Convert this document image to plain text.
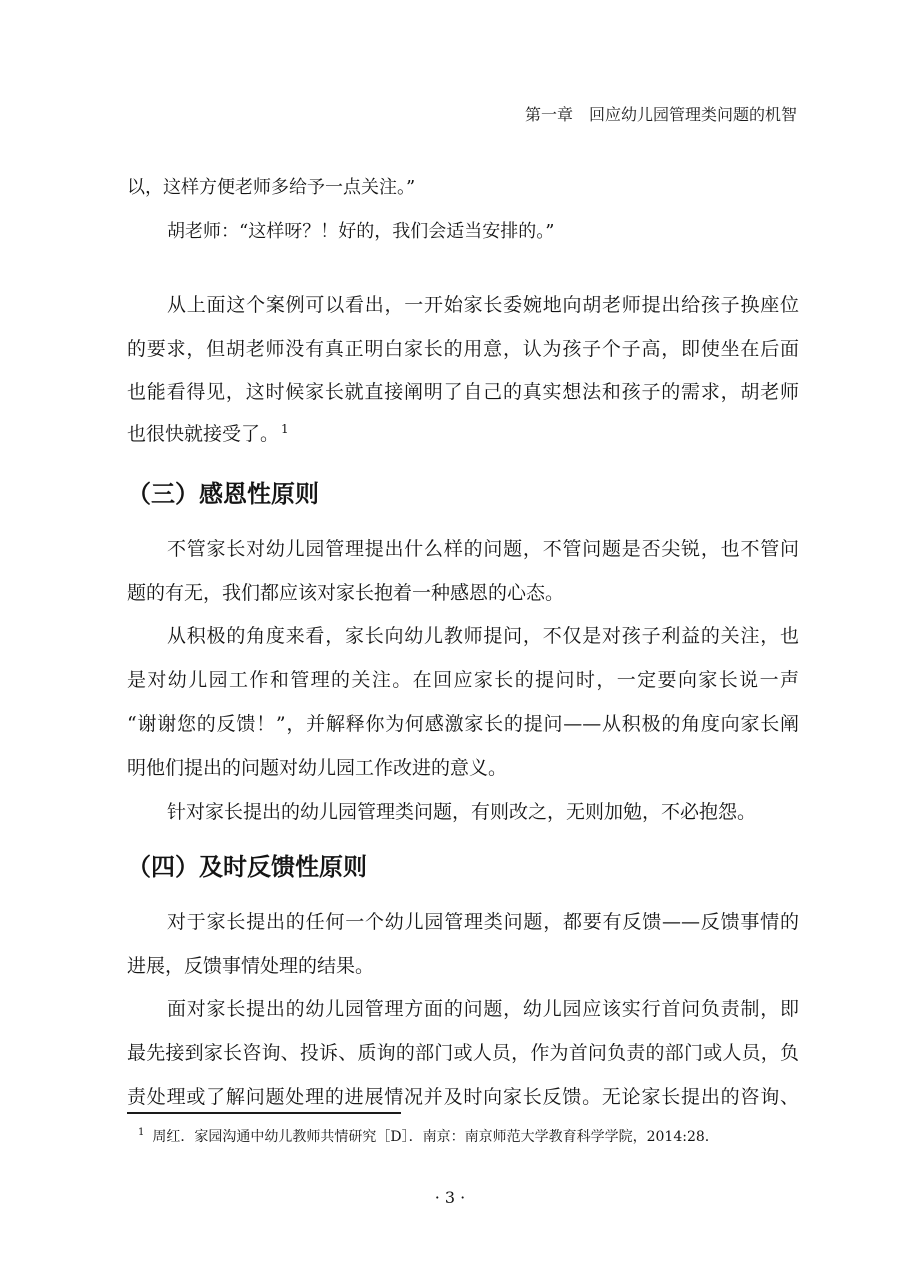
第一章　回应幼儿园管理类问题的机智
以，这样方便老师多给予一点关注。”
胡老师：“这样呀？！好的，我们会适当安排的。”
从上面这个案例可以看出，一开始家长委婉地向胡老师提出给孩子换座位
的要求，但胡老师没有真正明白家长的用意，认为孩子个子高，即使坐在后面
也能看得见，这时候家长就直接阐明了自己的真实想法和孩子的需求，胡老师
也很快就接受了。 $^1$
（三）感恩性原则
不管家长对幼儿园管理提出什么样的问题，不管问题是否尖锐，也不管问
题的有无，我们都应该对家长抱着一种感恩的心态。
从积极的角度来看，家长向幼儿教师提问，不仅是对孩子利益的关注，也
是对幼儿园工作和管理的关注。在回应家长的提问时，一定要向家长说一声
“谢谢您的反馈！”，并解释你为何感激家长的提问——从积极的角度向家长阐
明他们提出的问题对幼儿园工作改进的意义。
针对家长提出的幼儿园管理类问题，有则改之，无则加勉，不必抱怨。
（四）及时反馈性原则
对于家长提出的任何一个幼儿园管理类问题，都要有反馈——反馈事情的
进展，反馈事情处理的结果。
面对家长提出的幼儿园管理方面的问题，幼儿园应该实行首问负责制，即
最先接到家长咨询、投诉、质询的部门或人员，作为首问负责的部门或人员，负
责处理或了解问题处理的进展情况并及时向家长反馈。无论家长提出的咨询、
$^1$ 周红．家园沟通中幼儿教师共情研究［D］．南京：南京师范大学教育科学学院，2014:28.
· 3 ·
